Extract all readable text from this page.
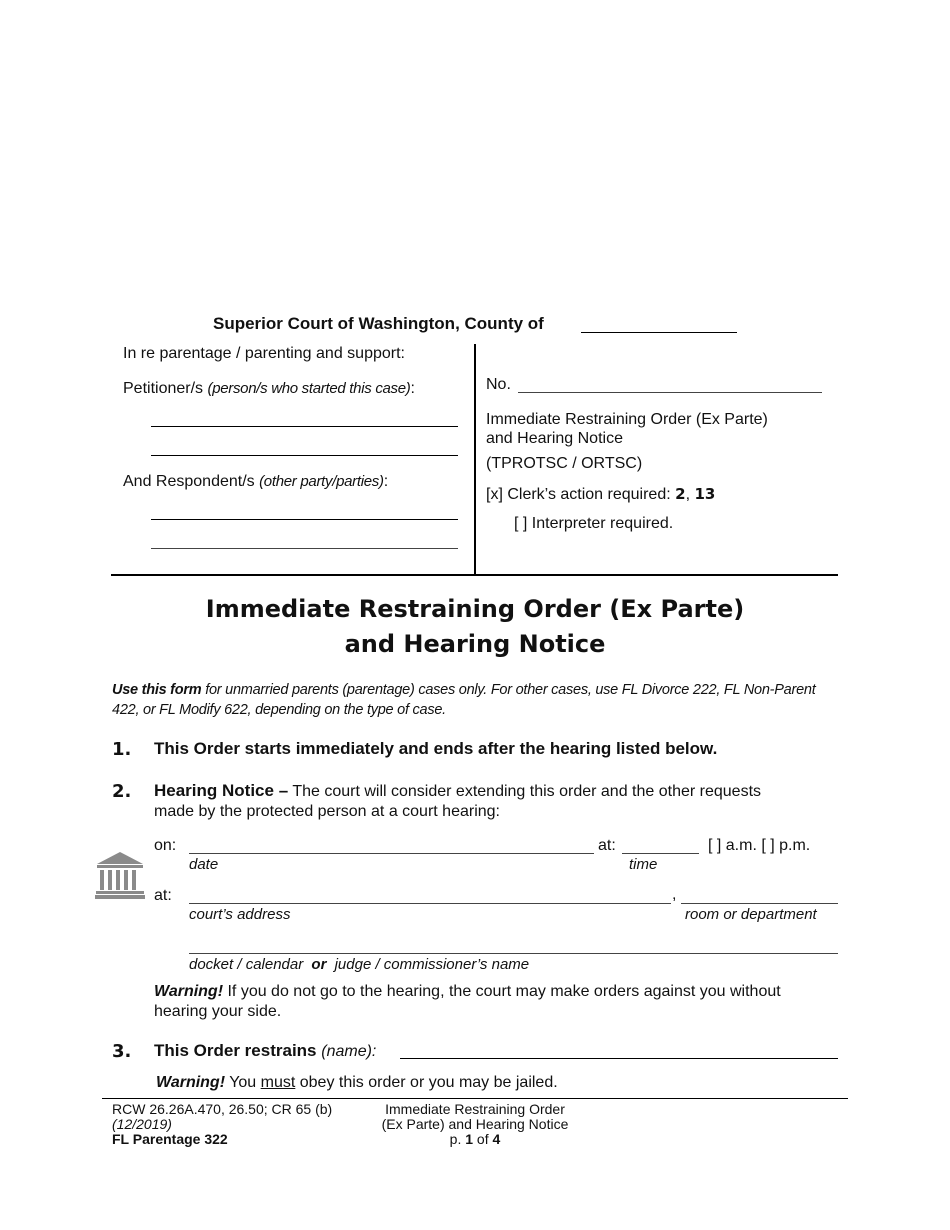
Superior Court of Washington, County of
In re parentage / parenting and support:
Petitioner/s (person/s who started this case):
And Respondent/s (other party/parties):
No.
Immediate Restraining Order (Ex Parte)
and Hearing Notice
(TPROTSC / ORTSC)
[x] Clerk’s action required: 2, 13
[ ] Interpreter required.
Immediate Restraining Order (Ex Parte)
and Hearing Notice
Use this form for unmarried parents (parentage) cases only. For other cases, use FL Divorce 222, FL Non-Parent
422, or FL Modify 622, depending on the type of case.
1. This Order starts immediately and ends after the hearing listed below.
2. Hearing Notice – The court will consider extending this order and the other requests
made by the protected person at a court hearing:
on:
date
at:
time
[ ] a.m. [ ] p.m.
at:	,
court’s address	room or department
docket / calendar or judge / commissioner’s name
Warning! If you do not go to the hearing, the court may make orders against you without
hearing your side.
3. This Order restrains (name):
Warning! You must obey this order or you may be jailed.
RCW 26.26A.470, 26.50; CR 65 (b)
(12/2019)
FL Parentage 322
Immediate Restraining Order
(Ex Parte) and Hearing Notice
p. 1 of 4
